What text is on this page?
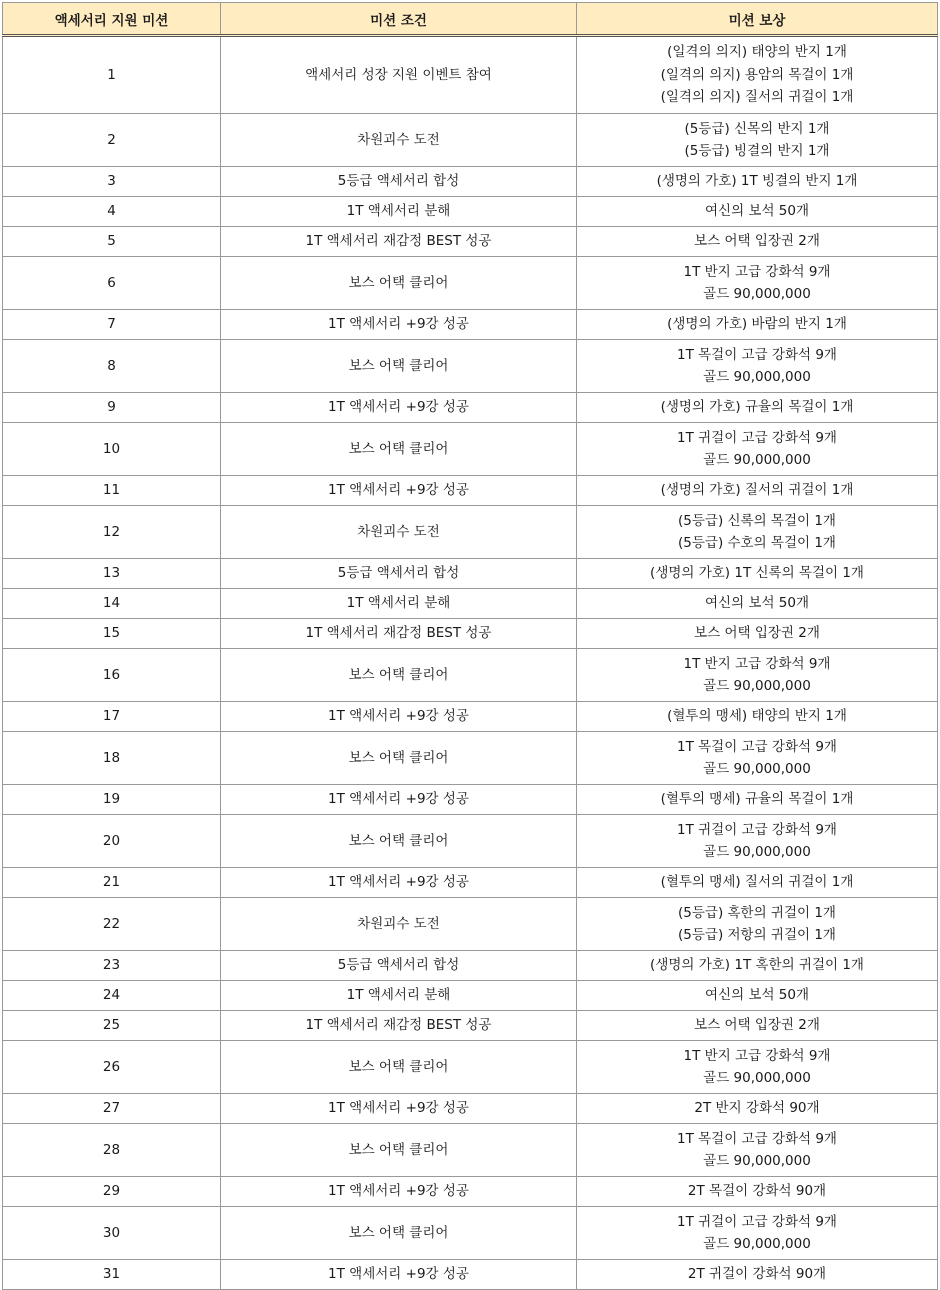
액세서리 지원 미션	미션 조건	미션 보상
1	액세서리 성장 지원 이벤트 참여	(일격의 의지) 태양의 반지 1개
(일격의 의지) 용암의 목걸이 1개
(일격의 의지) 질서의 귀걸이 1개

2	차원괴수 도전	(5등급) 신목의 반지 1개
(5등급) 빙결의 반지 1개

3	5등급 액세서리 합성	(생명의 가호) 1T 빙결의 반지 1개

4	1T 액세서리 분해	여신의 보석 50개

5	1T 액세서리 재감정 BEST 성공	보스 어택 입장권 2개

6	보스 어택 클리어	1T 반지 고급 강화석 9개
골드 90,000,000

7	1T 액세서리 +9강 성공	(생명의 가호) 바람의 반지 1개

8	보스 어택 클리어	1T 목걸이 고급 강화석 9개
골드 90,000,000

9	1T 액세서리 +9강 성공	(생명의 가호) 규율의 목걸이 1개

10	보스 어택 클리어	1T 귀걸이 고급 강화석 9개
골드 90,000,000

11	1T 액세서리 +9강 성공	(생명의 가호) 질서의 귀걸이 1개

12	차원괴수 도전	(5등급) 신록의 목걸이 1개
(5등급) 수호의 목걸이 1개

13	5등급 액세서리 합성	(생명의 가호) 1T 신록의 목걸이 1개

14	1T 액세서리 분해	여신의 보석 50개

15	1T 액세서리 재감정 BEST 성공	보스 어택 입장권 2개

16	보스 어택 클리어	1T 반지 고급 강화석 9개
골드 90,000,000

17	1T 액세서리 +9강 성공	(혈투의 맹세) 태양의 반지 1개

18	보스 어택 클리어	1T 목걸이 고급 강화석 9개
골드 90,000,000

19	1T 액세서리 +9강 성공	(혈투의 맹세) 규율의 목걸이 1개

20	보스 어택 클리어	1T 귀걸이 고급 강화석 9개
골드 90,000,000

21	1T 액세서리 +9강 성공	(혈투의 맹세) 질서의 귀걸이 1개

22	차원괴수 도전	(5등급) 혹한의 귀걸이 1개
(5등급) 저항의 귀걸이 1개

23	5등급 액세서리 합성	(생명의 가호) 1T 혹한의 귀걸이 1개

24	1T 액세서리 분해	여신의 보석 50개

25	1T 액세서리 재감정 BEST 성공	보스 어택 입장권 2개

26	보스 어택 클리어	1T 반지 고급 강화석 9개
골드 90,000,000

27	1T 액세서리 +9강 성공	2T 반지 강화석 90개

28	보스 어택 클리어	1T 목걸이 고급 강화석 9개
골드 90,000,000

29	1T 액세서리 +9강 성공	2T 목걸이 강화석 90개

30	보스 어택 클리어	1T 귀걸이 고급 강화석 9개
골드 90,000,000

31	1T 액세서리 +9강 성공	2T 귀걸이 강화석 90개
